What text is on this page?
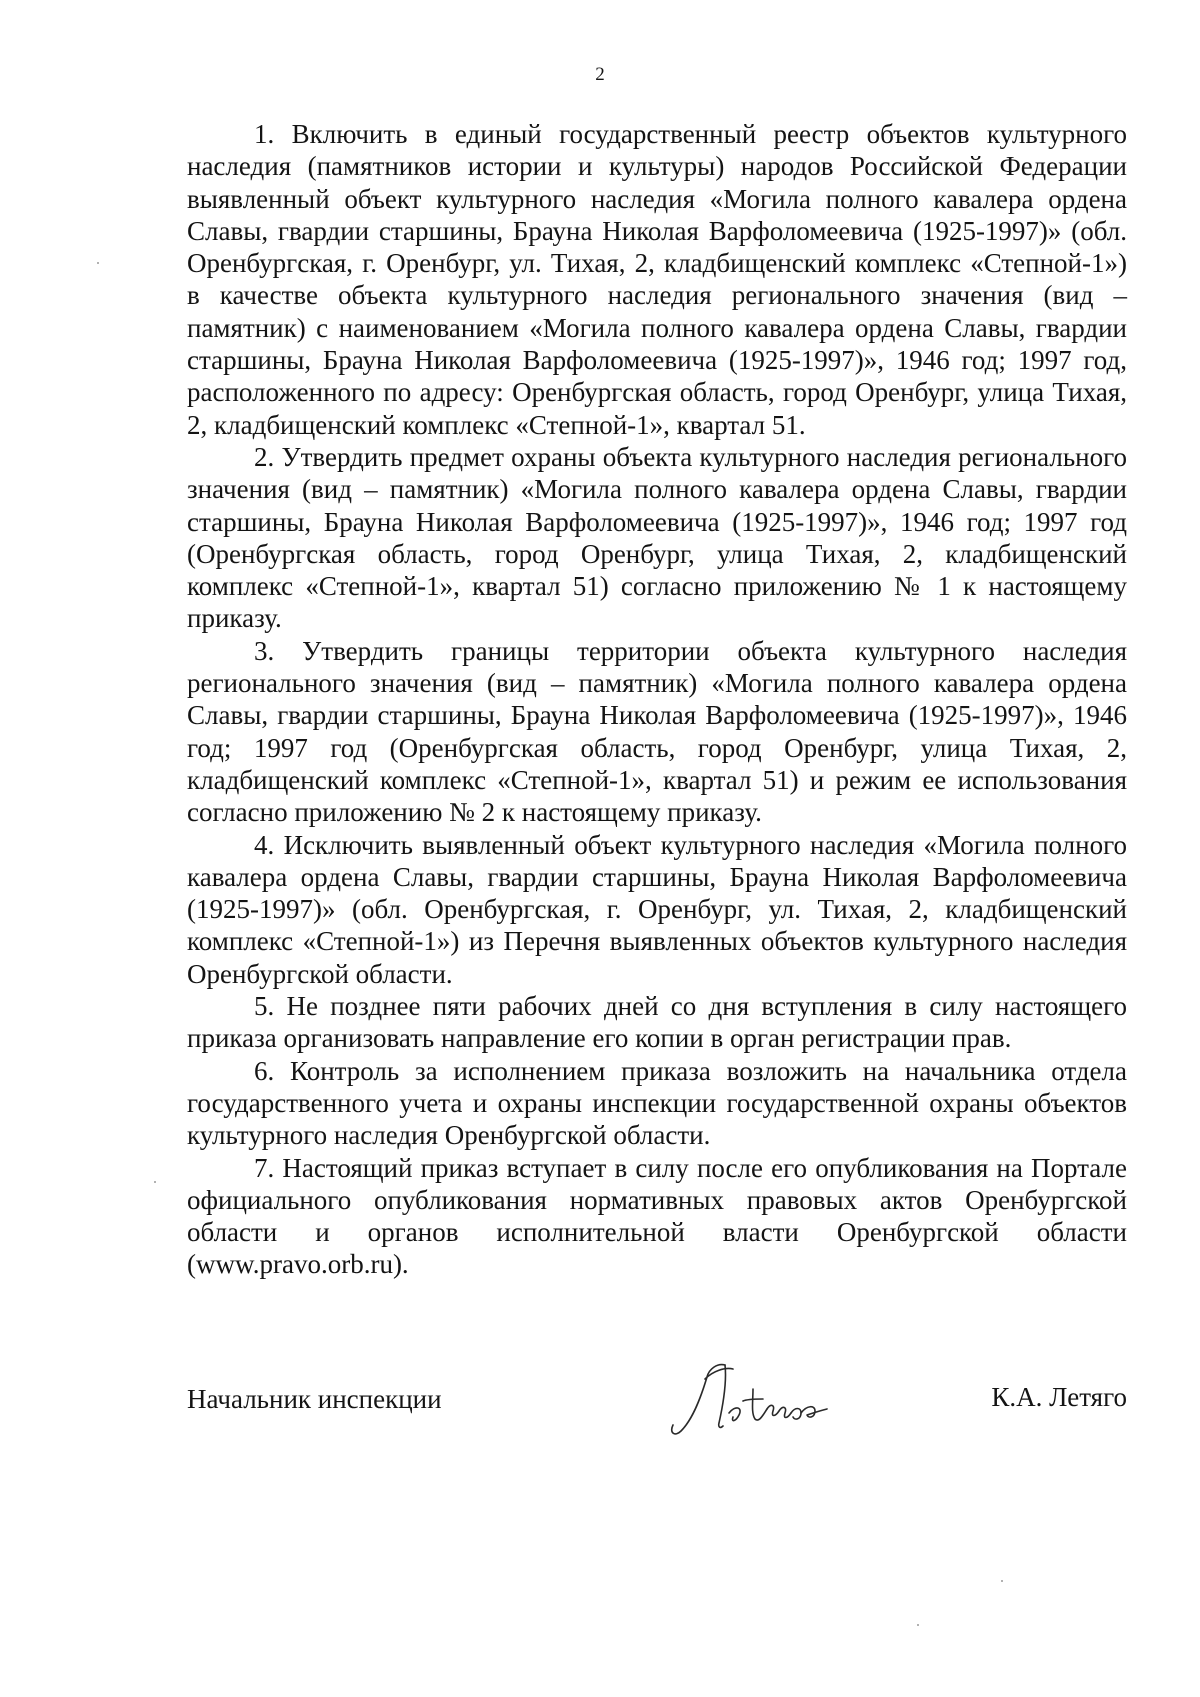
2

1. Включить в единый государственный реестр объектов культурного наследия (памятников истории и культуры) народов Российской Федерации выявленный объект культурного наследия «Могила полного кавалера ордена Славы, гвардии старшины, Брауна Николая Варфоломеевича (1925-1997)» (обл. Оренбургская, г. Оренбург, ул. Тихая, 2, кладбищенский комплекс «Степной-1») в качестве объекта культурного наследия регионального значения (вид – памятник) с наименованием «Могила полного кавалера ордена Славы, гвардии старшины, Брауна Николая Варфоломеевича (1925-1997)», 1946 год; 1997 год, расположенного по адресу: Оренбургская область, город Оренбург, улица Тихая, 2, кладбищенский комплекс «Степной-1», квартал 51.

2. Утвердить предмет охраны объекта культурного наследия регионального значения (вид – памятник) «Могила полного кавалера ордена Славы, гвардии старшины, Брауна Николая Варфоломеевича (1925-1997)», 1946 год; 1997 год (Оренбургская область, город Оренбург, улица Тихая, 2, кладбищенский комплекс «Степной-1», квартал 51) согласно приложению № 1 к настоящему приказу.

3. Утвердить границы территории объекта культурного наследия регионального значения (вид – памятник) «Могила полного кавалера ордена Славы, гвардии старшины, Брауна Николая Варфоломеевича (1925-1997)», 1946 год; 1997 год (Оренбургская область, город Оренбург, улица Тихая, 2, кладбищенский комплекс «Степной-1», квартал 51) и режим ее использования согласно приложению № 2 к настоящему приказу.

4. Исключить выявленный объект культурного наследия «Могила полного кавалера ордена Славы, гвардии старшины, Брауна Николая Варфоломеевича (1925-1997)» (обл. Оренбургская, г. Оренбург, ул. Тихая, 2, кладбищенский комплекс «Степной-1») из Перечня выявленных объектов культурного наследия Оренбургской области.

5. Не позднее пяти рабочих дней со дня вступления в силу настоящего приказа организовать направление его копии в орган регистрации прав.

6. Контроль за исполнением приказа возложить на начальника отдела государственного учета и охраны инспекции государственной охраны объектов культурного наследия Оренбургской области.

7. Настоящий приказ вступает в силу после его опубликования на Портале официального опубликования нормативных правовых актов Оренбургской области и органов исполнительной власти Оренбургской области (www.pravo.orb.ru).

Начальник инспекции	К.А. Летяго
